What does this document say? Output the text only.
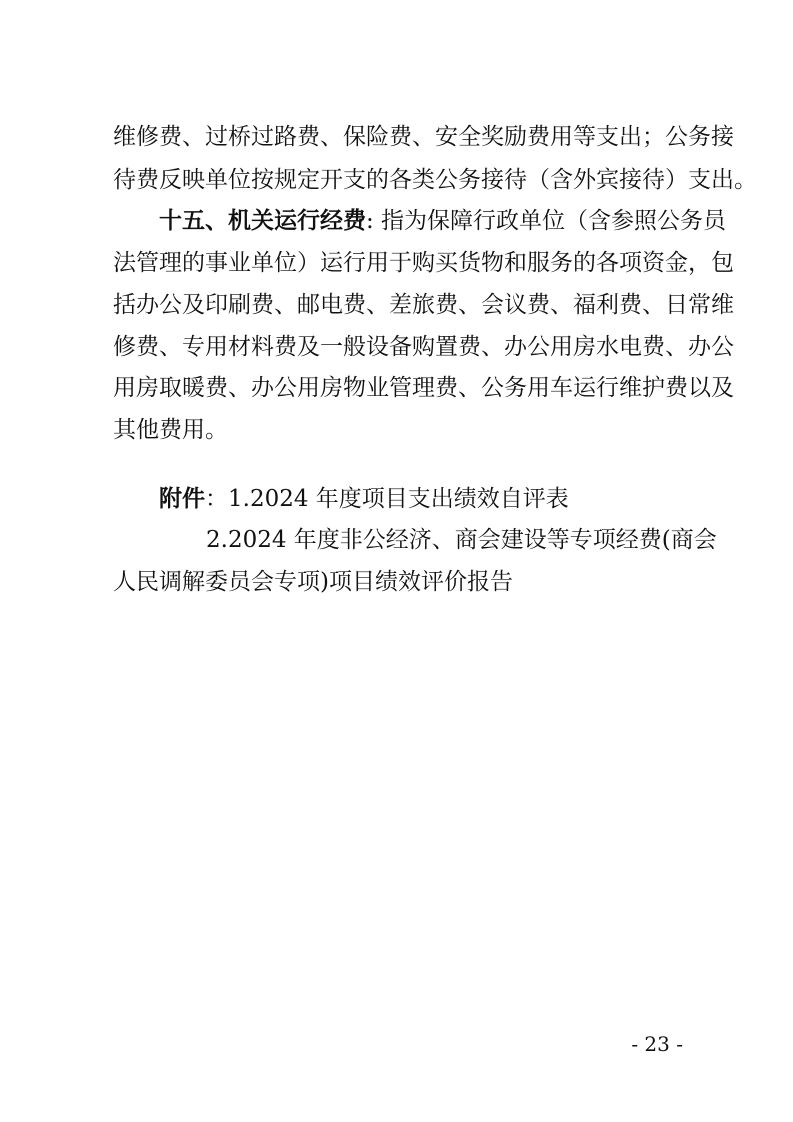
维修费、过桥过路费、保险费、安全奖励费用等支出；公务接
待费反映单位按规定开支的各类公务接待（含外宾接待）支出。
十五、机关运行经费: 指为保障行政单位（含参照公务员
法管理的事业单位）运行用于购买货物和服务的各项资金，包
括办公及印刷费、邮电费、差旅费、会议费、福利费、日常维
修费、专用材料费及一般设备购置费、办公用房水电费、办公
用房取暖费、办公用房物业管理费、公务用车运行维护费以及
其他费用。
附件：1.2024 年度项目支出绩效自评表
2.2024 年度非公经济、商会建设等专项经费(商会
人民调解委员会专项)项目绩效评价报告
- 23 -
